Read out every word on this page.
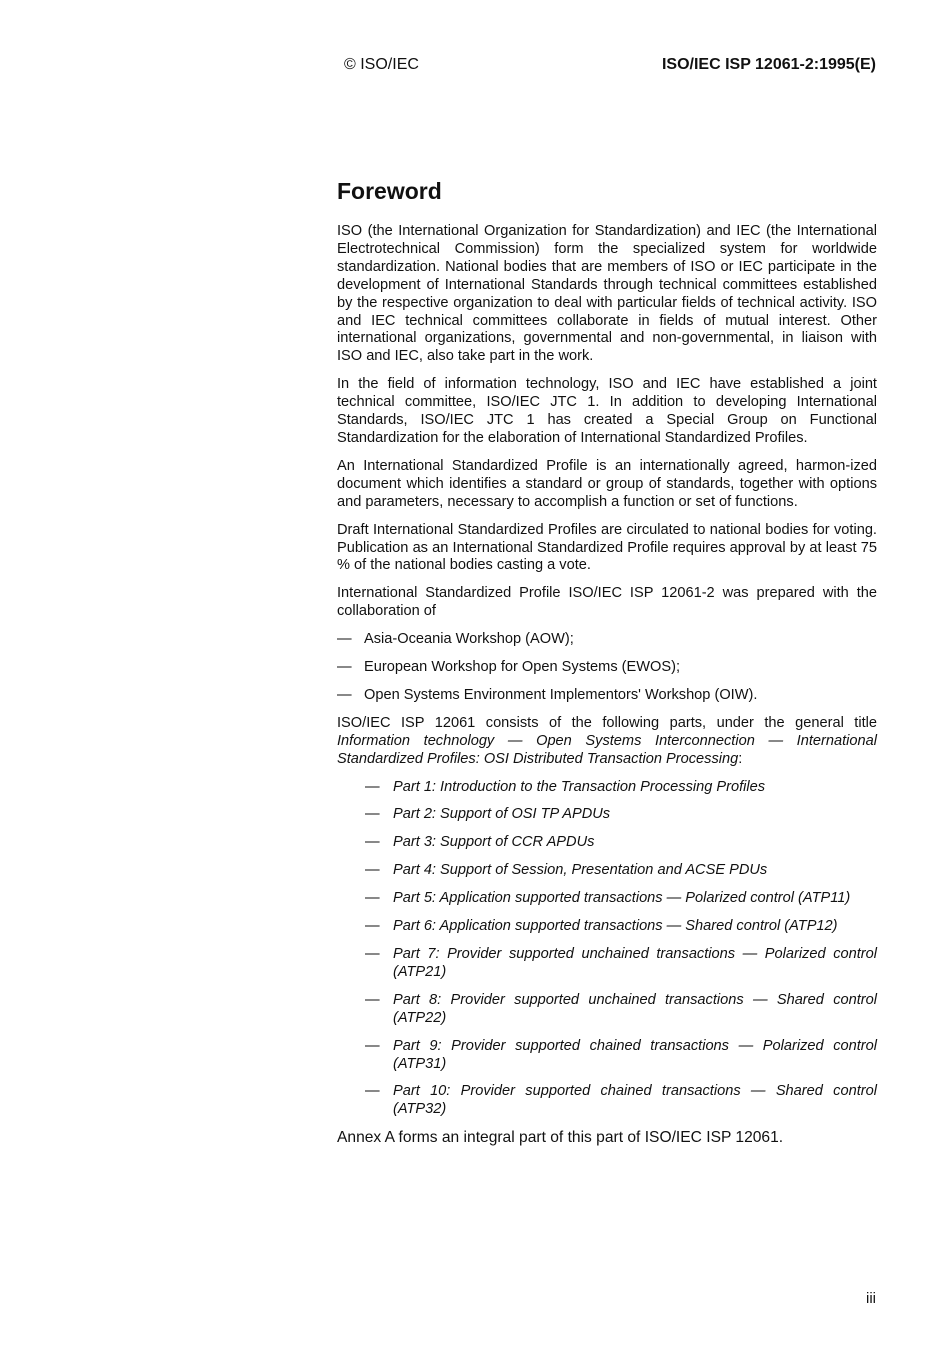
© ISO/IEC	ISO/IEC ISP 12061-2:1995(E)
Foreword

ISO (the International Organization for Standardization) and IEC (the International Electrotechnical Commission) form the specialized system for worldwide standardization. National bodies that are members of ISO or IEC participate in the development of International Standards through technical committees established by the respective organization to deal with particular fields of technical activity. ISO and IEC technical committees collaborate in fields of mutual interest. Other international organizations, governmental and non-governmental, in liaison with ISO and IEC, also take part in the work.

In the field of information technology, ISO and IEC have established a joint technical committee, ISO/IEC JTC 1. In addition to developing International Standards, ISO/IEC JTC 1 has created a Special Group on Functional Standardization for the elaboration of International Standardized Profiles.

An International Standardized Profile is an internationally agreed, harmon-ized document which identifies a standard or group of standards, together with options and parameters, necessary to accomplish a function or set of functions.

Draft International Standardized Profiles are circulated to national bodies for voting. Publication as an International Standardized Profile requires approval by at least 75 % of the national bodies casting a vote.

International Standardized Profile ISO/IEC ISP 12061-2 was prepared with the collaboration of

— Asia-Oceania Workshop (AOW);
— European Workshop for Open Systems (EWOS);
— Open Systems Environment Implementors' Workshop (OIW).

ISO/IEC ISP 12061 consists of the following parts, under the general title Information technology — Open Systems Interconnection — International Standardized Profiles: OSI Distributed Transaction Processing:

— Part 1: Introduction to the Transaction Processing Profiles
— Part 2: Support of OSI TP APDUs
— Part 3: Support of CCR APDUs
— Part 4: Support of Session, Presentation and ACSE PDUs
— Part 5: Application supported transactions — Polarized control (ATP11)
— Part 6: Application supported transactions — Shared control (ATP12)
— Part 7: Provider supported unchained transactions — Polarized control (ATP21)
— Part 8: Provider supported unchained transactions — Shared control (ATP22)
— Part 9: Provider supported chained transactions — Polarized control (ATP31)
— Part 10: Provider supported chained transactions — Shared control (ATP32)

Annex A forms an integral part of this part of ISO/IEC ISP 12061.

iii
